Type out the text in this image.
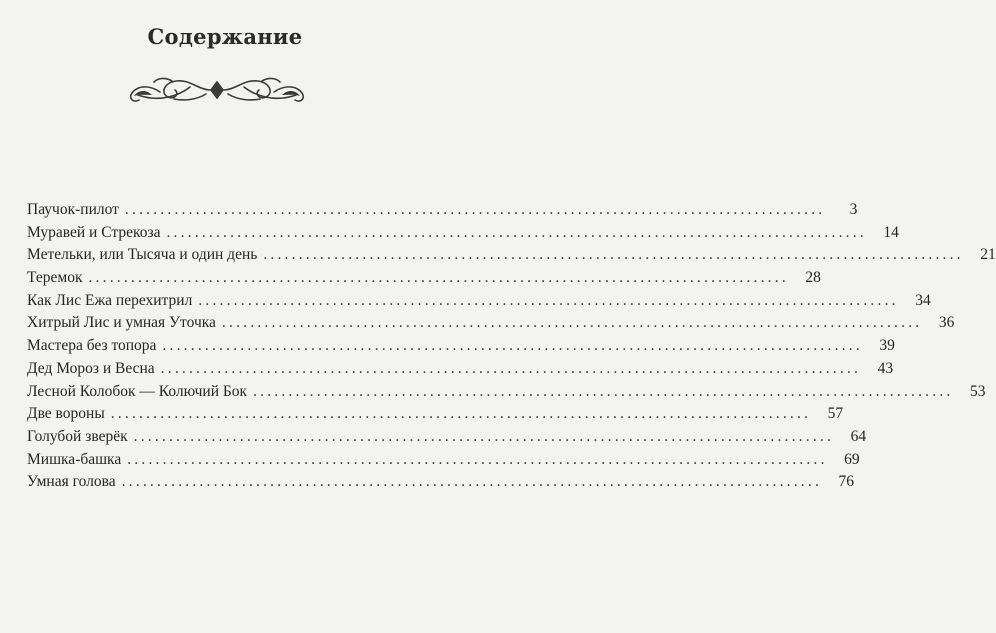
Содержание
Паучок-пилот ...................................................................................................	3
Муравей и Стрекоза ...................................................................................................	14
Метельки, или Тысяча и один день ...................................................................................................	21
Теремок ...................................................................................................	28
Как Лис Ежа перехитрил ...................................................................................................	34
Хитрый Лис и умная Уточка ...................................................................................................	36
Мастера без топора ...................................................................................................	39
Дед Мороз и Весна ...................................................................................................	43
Лесной Колобок — Колючий Бок ...................................................................................................	53
Две вороны ...................................................................................................	57
Голубой зверёк ...................................................................................................	64
Мишка-башка ...................................................................................................	69
Умная голова ...................................................................................................	76
